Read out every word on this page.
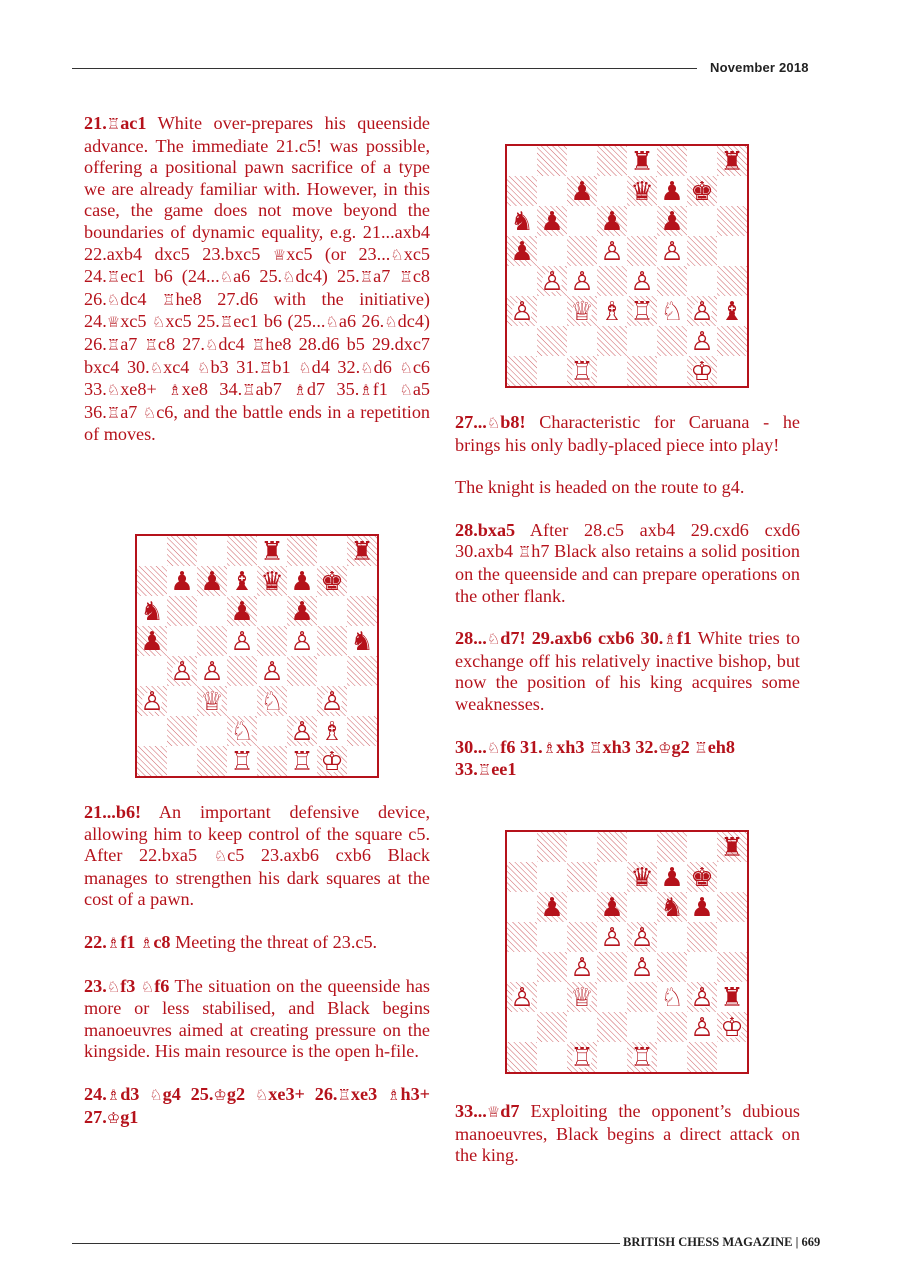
November 2018

21.♖ac1 White over-prepares his queenside advance. The immediate 21.c5! was possible, offering a positional pawn sacrifice of a type we are already familiar with. However, in this case, the game does not move beyond the boundaries of dynamic equality, e.g. 21...axb4 22.axb4 dxc5 23.bxc5 ♕xc5 (or 23...♘xc5 24.♖ec1 b6 (24...♘a6 25.♘dc4) 25.♖a7 ♖c8 26.♘dc4 ♖he8 27.d6 with the initiative) 24.♕xc5 ♘xc5 25.♖ec1 b6 (25...♘a6 26.♘dc4) 26.♖a7 ♖c8 27.♘dc4 ♖he8 28.d6 b5 29.dxc7 bxc4 30.♘xc4 ♘b3 31.♖b1 ♘d4 32.♘d6 ♘c6 33.♘xe8+ ♗xe8 34.♖ab7 ♗d7 35.♗f1 ♘a5 36.♖a7 ♘c6, and the battle ends in a repetition of moves.

♜	♜
♟ ♟ ♝ ♛ ♟ ♚
♞	♟ ♟
♟	♙ ♙ ♞
♙ ♙ ♙
♙ ♕ ♘ ♙
♘ ♙ ♗
♖ ♖ ♔

21...b6! An important defensive device, allowing him to keep control of the square c5. After 22.bxa5 ♘c5 23.axb6 cxb6 Black manages to strengthen his dark squares at the cost of a pawn.

22.♗f1 ♗c8 Meeting the threat of 23.c5.

23.♘f3 ♘f6 The situation on the queenside has more or less stabilised, and Black begins manoeuvres aimed at creating pressure on the kingside. His main resource is the open h-file.

24.♗d3 ♘g4 25.♔g2 ♘xe3+ 26.♖xe3 ♗h3+ 27.♔g1

♜	♜
♟ ♛ ♟ ♚
♞ ♟ ♟ ♟
♟	♙ ♙
♙ ♙ ♙
♙ ♕ ♗ ♖ ♘ ♙ ♝
♙
♖	♔

27...♘b8! Characteristic for Caruana - he brings his only badly-placed piece into play!

The knight is headed on the route to g4.

28.bxa5 After 28.c5 axb4 29.cxd6 cxd6 30.axb4 ♖h7 Black also retains a solid position on the queenside and can prepare operations on the other flank.

28...♘d7! 29.axb6 cxb6 30.♗f1 White tries to exchange off his relatively inactive bishop, but now the position of his king acquires some weaknesses.

30...♘f6 31.♗xh3 ♖xh3 32.♔g2 ♖eh8 33.♖ee1

♜
♛ ♟ ♚
♟ ♟ ♞ ♟
♙ ♙
♙ ♙
♙ ♕	♘ ♙ ♜
♙ ♔
♖ ♖

33...♕d7 Exploiting the opponent’s dubious manoeuvres, Black begins a direct attack on the king.

BRITISH CHESS MAGAZINE | 669
